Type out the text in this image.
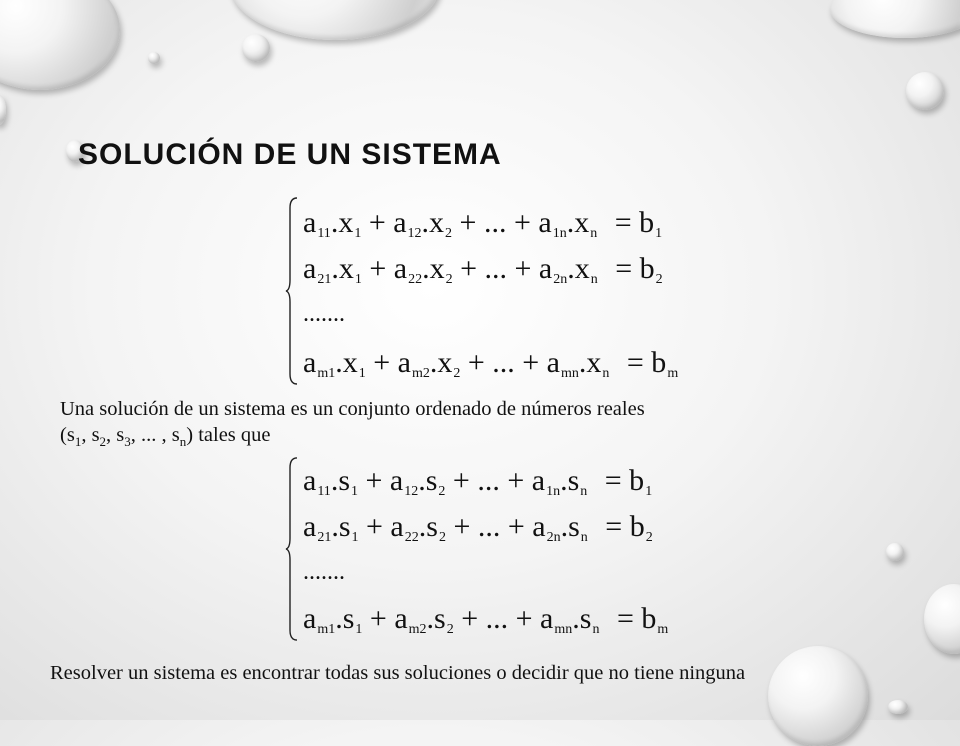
SOLUCIÓN DE UN SISTEMA
$a_{11}.x_1 + a_{12}.x_2$ + ... + $a_{1n}.x_n = b_1$
$a_{21}.x_1 + a_{22}.x_2$ + ... + $a_{2n}.x_n = b_2$
.......
$a_{m1}.x_1 + a_{m2}.x_2$ + ... + $a_{mn}.x_n = b_m$

Una solución de un sistema es un conjunto ordenado de números reales
($s_1$, $s_2$, $s_3$, ... , $s_n$) tales que

$a_{11}.s_1 + a_{12}.s_2$ + ... + $a_{1n}.s_n = b_1$
$a_{21}.s_1 + a_{22}.s_2$ + ... + $a_{2n}.s_n = b_2$
.......
$a_{m1}.s_1 + a_{m2}.s_2$ + ... + $a_{mn}.s_n = b_m$

Resolver un sistema es encontrar todas sus soluciones o decidir que no tiene ninguna
